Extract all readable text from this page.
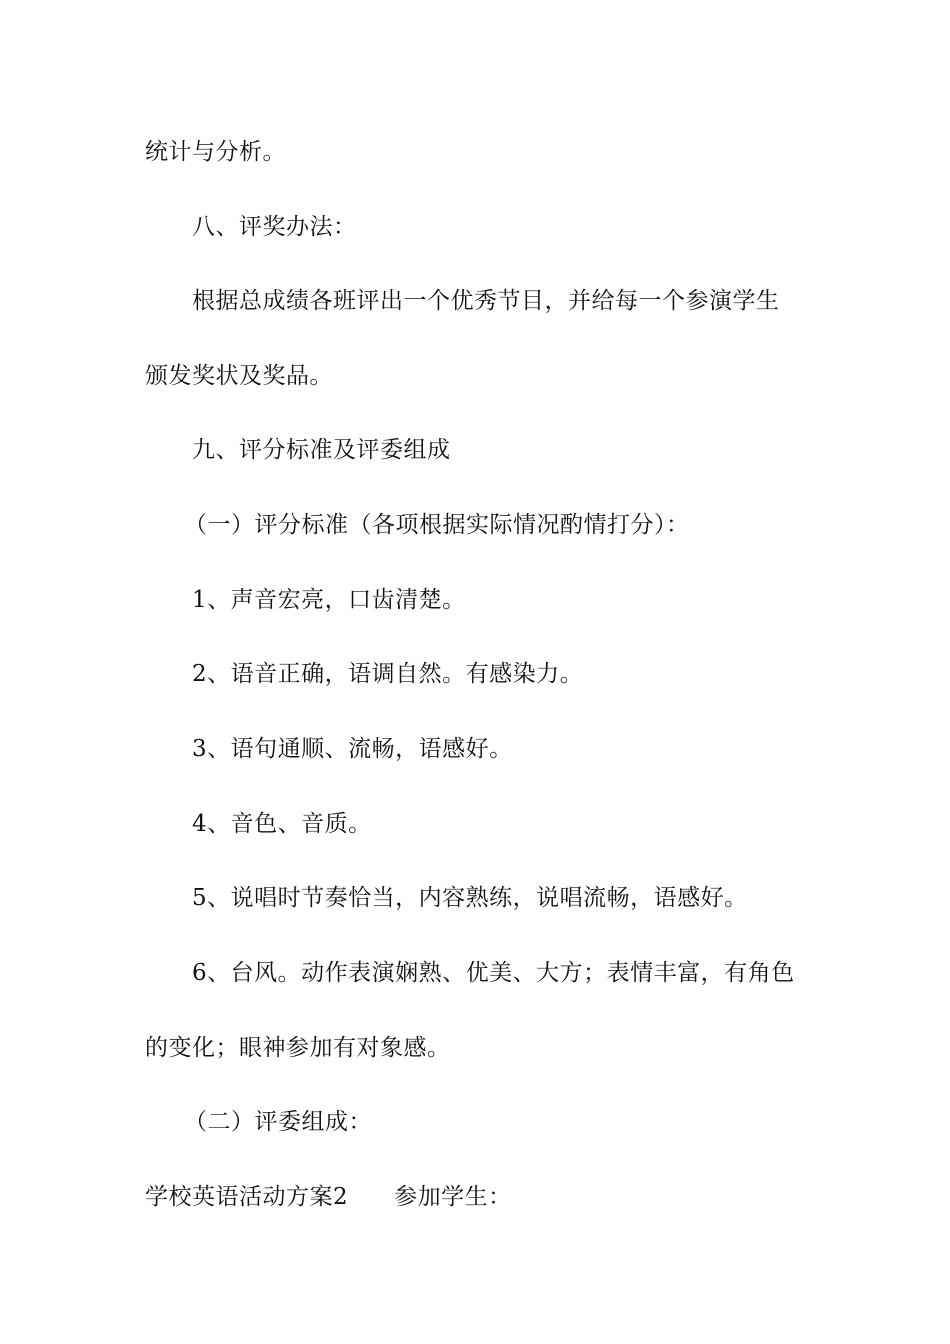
统计与分析。
八、评奖办法：
根据总成绩各班评出一个优秀节目，并给每一个参演学生
颁发奖状及奖品。
九、评分标准及评委组成
（一）评分标准（各项根据实际情况酌情打分）：
1、声音宏亮，口齿清楚。
2、语音正确，语调自然。有感染力。
3、语句通顺、流畅，语感好。
4、音色、音质。
5、说唱时节奏恰当，内容熟练，说唱流畅，语感好。
6、台风。动作表演娴熟、优美、大方；表情丰富，有角色
的变化；眼神参加有对象感。
（二）评委组成：
学校英语活动方案2 参加学生：
